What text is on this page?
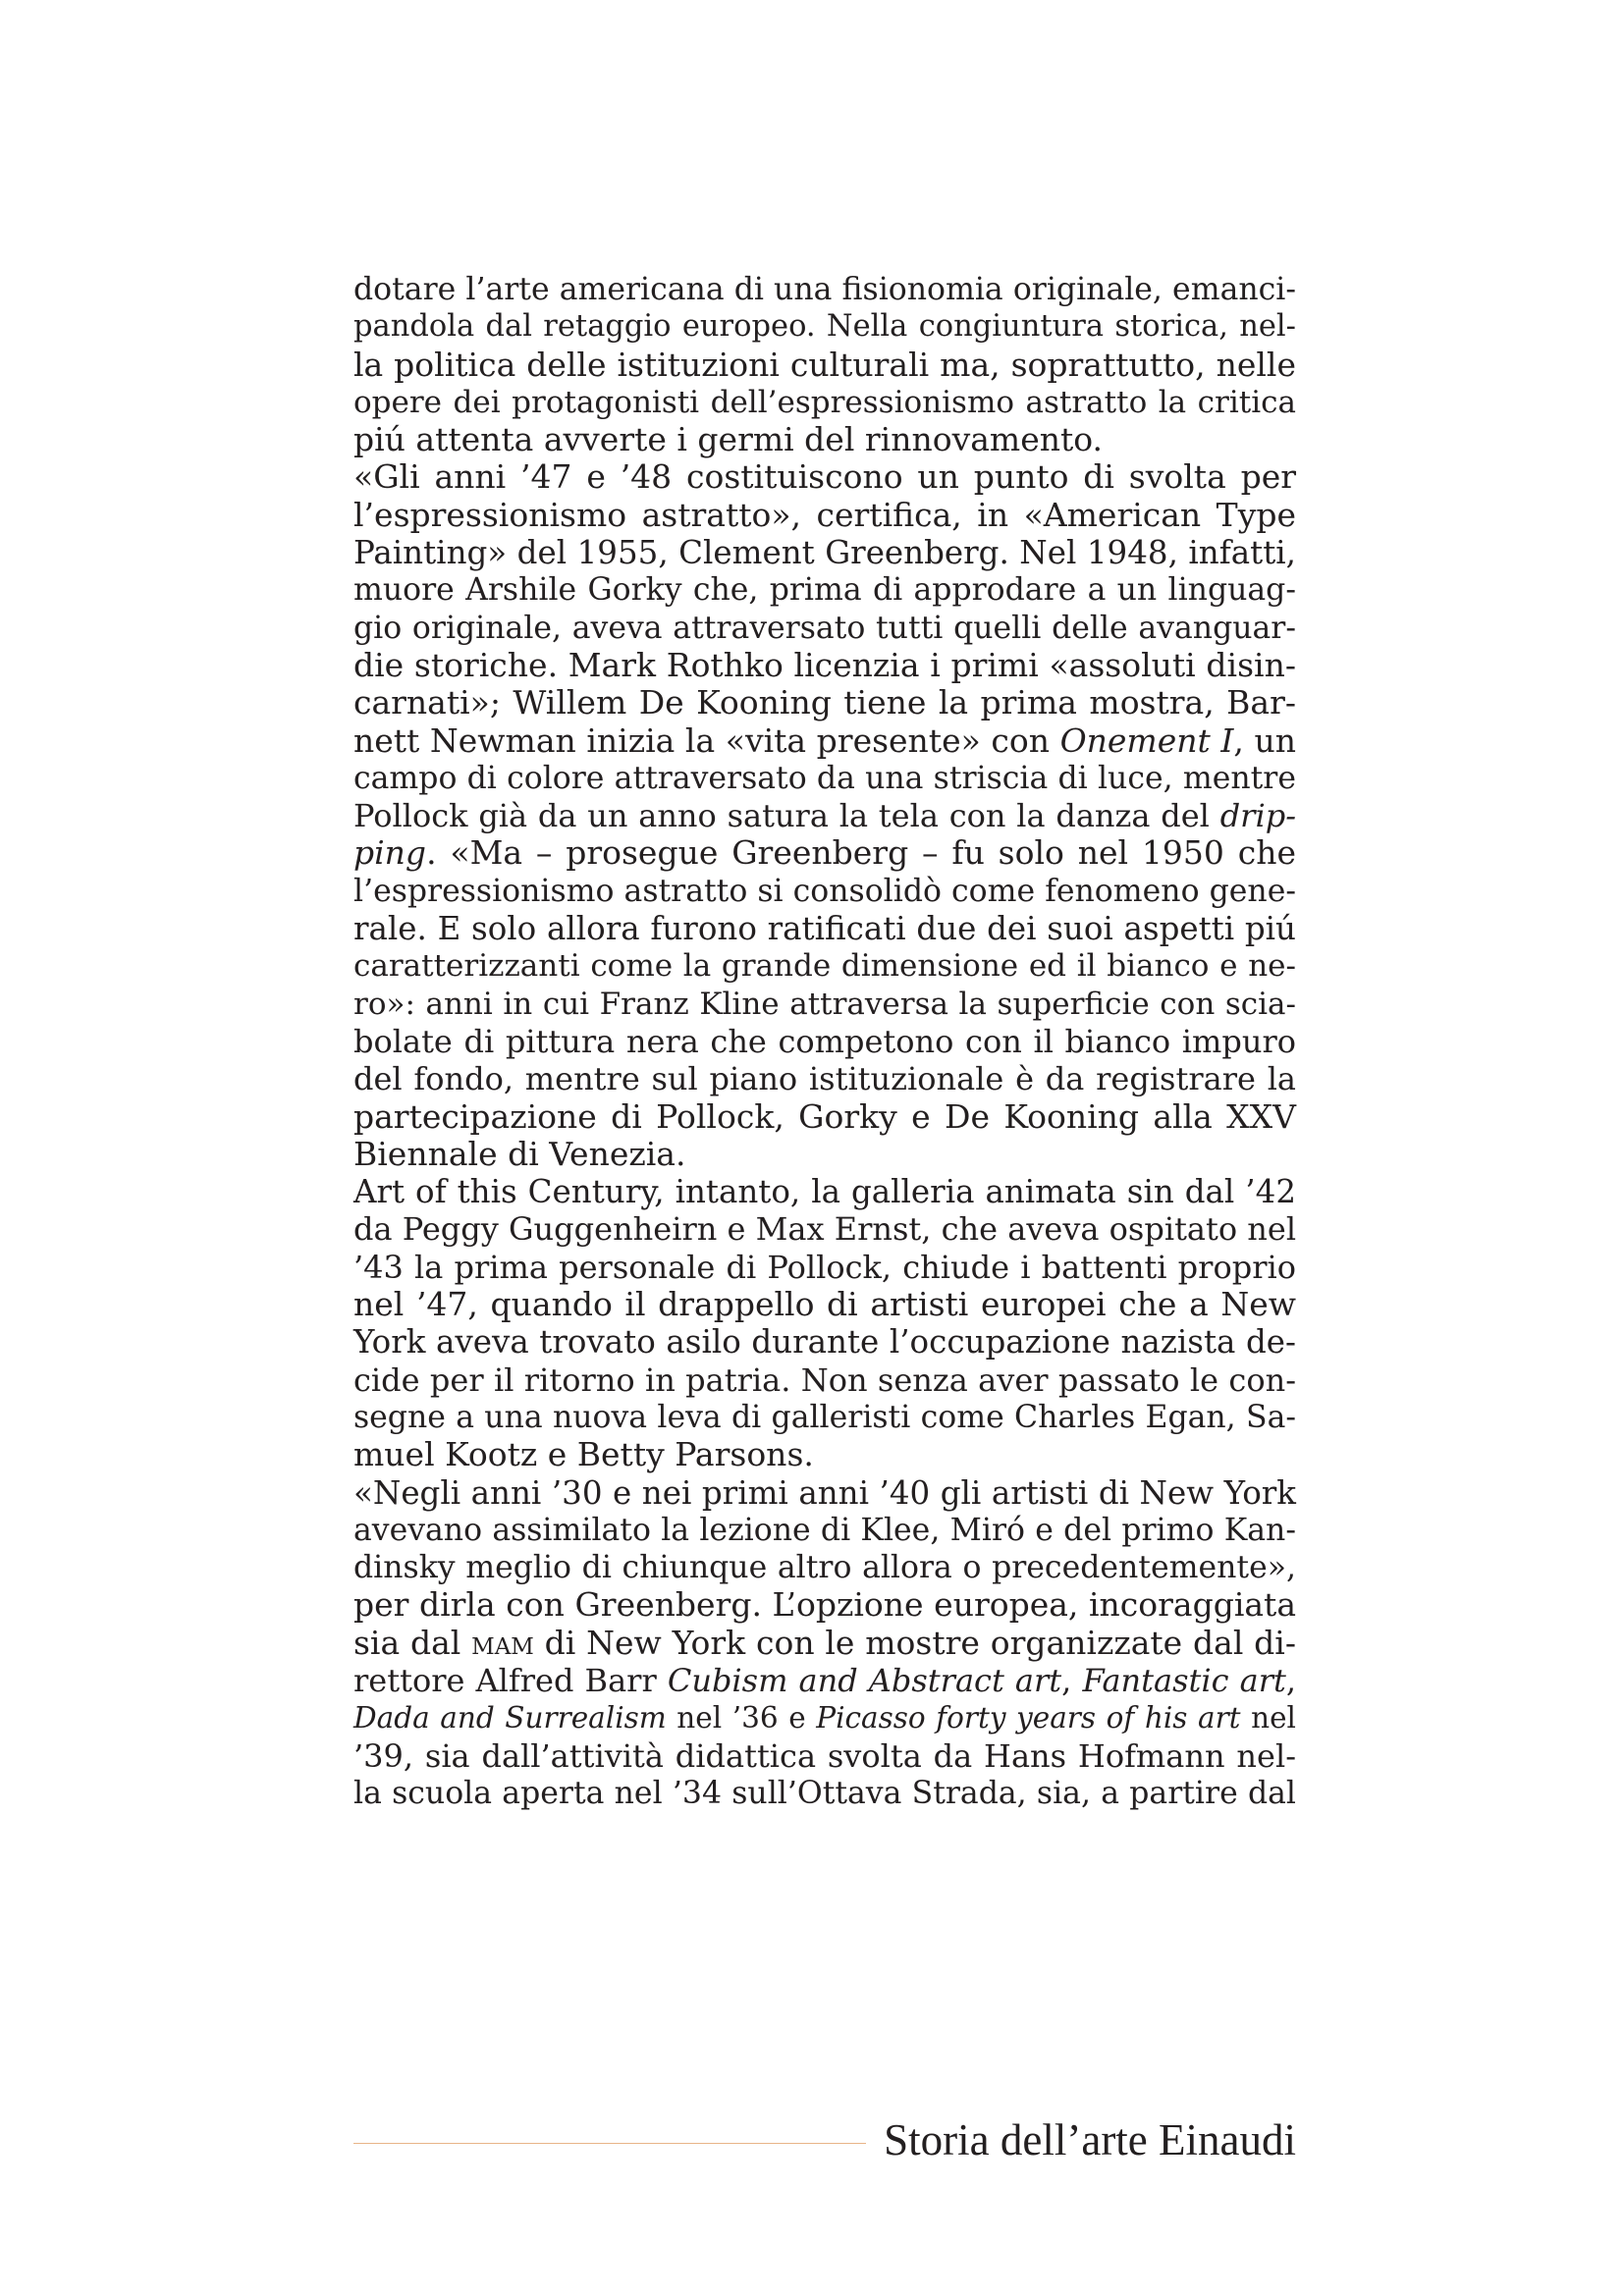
dotare l’arte americana di una fisionomia originale, emanci-
pandola dal retaggio europeo. Nella congiuntura storica, nel-
la politica delle istituzioni culturali ma, soprattutto, nelle
opere dei protagonisti dell’espressionismo astratto la critica
piú attenta avverte i germi del rinnovamento.
«Gli anni ’47 e ’48 costituiscono un punto di svolta per
l’espressionismo astratto», certifica, in «American Type
Painting» del 1955, Clement Greenberg. Nel 1948, infatti,
muore Arshile Gorky che, prima di approdare a un linguag-
gio originale, aveva attraversato tutti quelli delle avanguar-
die storiche. Mark Rothko licenzia i primi «assoluti disin-
carnati»; Willem De Kooning tiene la prima mostra, Bar-
nett Newman inizia la «vita presente» con Onement I, un
campo di colore attraversato da una striscia di luce, mentre
Pollock già da un anno satura la tela con la danza del drip-
ping. «Ma – prosegue Greenberg – fu solo nel 1950 che
l’espressionismo astratto si consolidò come fenomeno gene-
rale. E solo allora furono ratificati due dei suoi aspetti piú
caratterizzanti come la grande dimensione ed il bianco e ne-
ro»: anni in cui Franz Kline attraversa la superficie con scia-
bolate di pittura nera che competono con il bianco impuro
del fondo, mentre sul piano istituzionale è da registrare la
partecipazione di Pollock, Gorky e De Kooning alla XXV
Biennale di Venezia.
Art of this Century, intanto, la galleria animata sin dal ’42
da Peggy Guggenheirn e Max Ernst, che aveva ospitato nel
’43 la prima personale di Pollock, chiude i battenti proprio
nel ’47, quando il drappello di artisti europei che a New
York aveva trovato asilo durante l’occupazione nazista de-
cide per il ritorno in patria. Non senza aver passato le con-
segne a una nuova leva di galleristi come Charles Egan, Sa-
muel Kootz e Betty Parsons.
«Negli anni ’30 e nei primi anni ’40 gli artisti di New York
avevano assimilato la lezione di Klee, Miró e del primo Kan-
dinsky meglio di chiunque altro allora o precedentemente»,
per dirla con Greenberg. L’opzione europea, incoraggiata
sia dal mam di New York con le mostre organizzate dal di-
rettore Alfred Barr Cubism and Abstract art, Fantastic art,
Dada and Surrealism nel ’36 e Picasso forty years of his art nel
’39, sia dall’attività didattica svolta da Hans Hofmann nel-
la scuola aperta nel ’34 sull’Ottava Strada, sia, a partire dal
Storia dell’arte Einaudi
